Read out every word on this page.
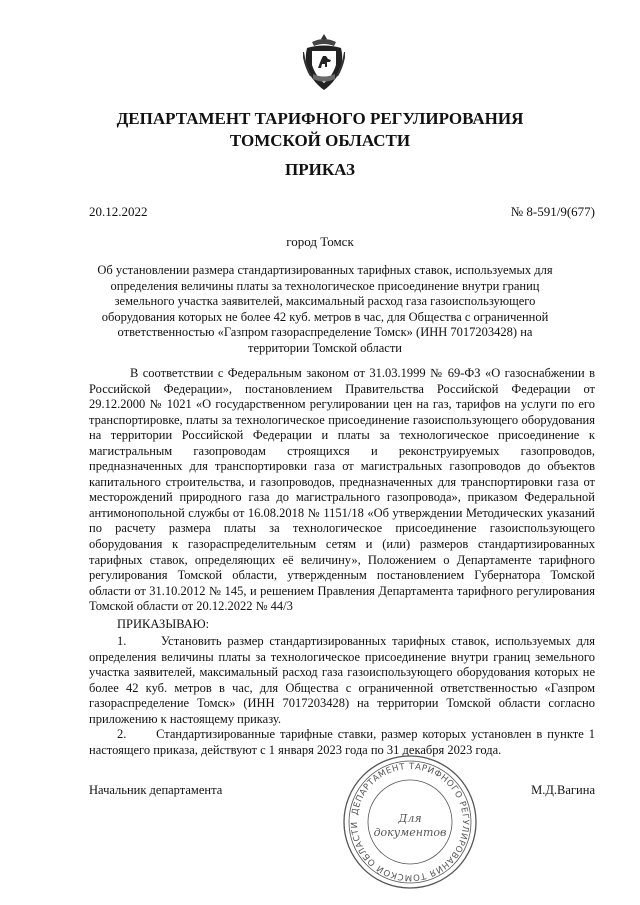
ДЕПАРТАМЕНТ ТАРИФНОГО РЕГУЛИРОВАНИЯ
ТОМСКОЙ ОБЛАСТИ
ПРИКАЗ
20.12.2022	№ 8-591/9(677)
город Томск
Об установлении размера стандартизированных тарифных ставок, используемых для определения величины платы за технологическое присоединение внутри границ земельного участка заявителей, максимальный расход газа газоиспользующего оборудования которых не более 42 куб. метров в час, для Общества с ограниченной ответственностью «Газпром газораспределение Томск» (ИНН 7017203428) на территории Томской области
В соответствии с Федеральным законом от 31.03.1999 № 69-ФЗ «О газоснабжении в Российской Федерации», постановлением Правительства Российской Федерации от 29.12.2000 № 1021 «О государственном регулировании цен на газ, тарифов на услуги по его транспортировке, платы за технологическое присоединение газоиспользующего оборудования на территории Российской Федерации и платы за технологическое присоединение к магистральным газопроводам строящихся и реконструируемых газопроводов, предназначенных для транспортировки газа от магистральных газопроводов до объектов капитального строительства, и газопроводов, предназначенных для транспортировки газа от месторождений природного газа до магистрального газопровода», приказом Федеральной антимонопольной службы от 16.08.2018 № 1151/18 «Об утверждении Методических указаний по расчету размера платы за технологическое присоединение газоиспользующего оборудования к газораспределительным сетям и (или) размеров стандартизированных тарифных ставок, определяющих её величину», Положением о Департаменте тарифного регулирования Томской области, утвержденным постановлением Губернатора Томской области от 31.10.2012 № 145, и решением Правления Департамента тарифного регулирования Томской области от 20.12.2022 № 44/3
ПРИКАЗЫВАЮ:
1.      Установить размер стандартизированных тарифных ставок, используемых для определения величины платы за технологическое присоединение внутри границ земельного участка заявителей, максимальный расход газа газоиспользующего оборудования которых не более 42 куб. метров в час, для Общества с ограниченной ответственностью «Газпром газораспределение Томск» (ИНН 7017203428) на территории Томской области согласно приложению к настоящему приказу.
2.      Стандартизированные тарифные ставки, размер которых установлен в пункте 1 настоящего приказа, действуют с 1 января 2023 года по 31 декабря 2023 года.
Начальник департамента	М.Д.Вагина
ДЕПАРТАМЕНТ ТАРИФНОГО РЕГУЛИРОВАНИЯ ТОМСКОЙ ОБЛАСТИ	Для
документов
